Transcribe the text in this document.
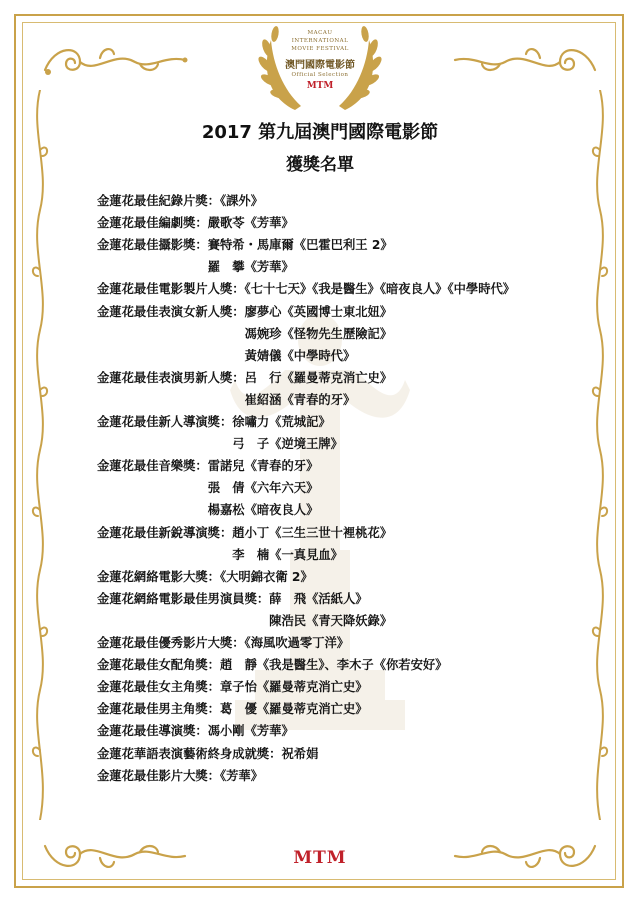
MACAU
INTERNATIONAL
MOVIE FESTIVAL
澳門國際電影節
Official Selection
MTM
2017 第九屆澳門國際電影節
獲獎名單
金蓮花最佳紀錄片獎：《課外》
金蓮花最佳編劇獎：嚴歌苓《芳華》
金蓮花最佳攝影獎：賽特希・馬庫爾《巴霍巴利王 2》
羅　攀《芳華》
金蓮花最佳電影製片人獎：《七十七天》《我是醫生》《暗夜良人》《中學時代》
金蓮花最佳表演女新人獎：廖夢心《英國博士東北妞》
馮婉珍《怪物先生歷險記》
黃婧儀《中學時代》
金蓮花最佳表演男新人獎：呂　行《羅曼蒂克消亡史》
崔紹涵《青春的牙》
金蓮花最佳新人導演獎：徐嘯力《荒城記》
弓　子《逆境王牌》
金蓮花最佳音樂獎：雷諾兒《青春的牙》
張　倩《六年六天》
楊嘉松《暗夜良人》
金蓮花最佳新銳導演獎：趙小丁《三生三世十裡桃花》
李　楠《一真見血》
金蓮花網絡電影大獎：《大明錦衣衛 2》
金蓮花網絡電影最佳男演員獎：薛　飛《活紙人》
陳浩民《青天降妖錄》
金蓮花最佳優秀影片大獎：《海風吹過零丁洋》
金蓮花最佳女配角獎：趙　靜《我是醫生》、李木子《你若安好》
金蓮花最佳女主角獎：章子怡《羅曼蒂克消亡史》
金蓮花最佳男主角獎：葛　優《羅曼蒂克消亡史》
金蓮花最佳導演獎：馮小剛《芳華》
金蓮花華語表演藝術終身成就獎：祝希娟
金蓮花最佳影片大獎：《芳華》
MTM
